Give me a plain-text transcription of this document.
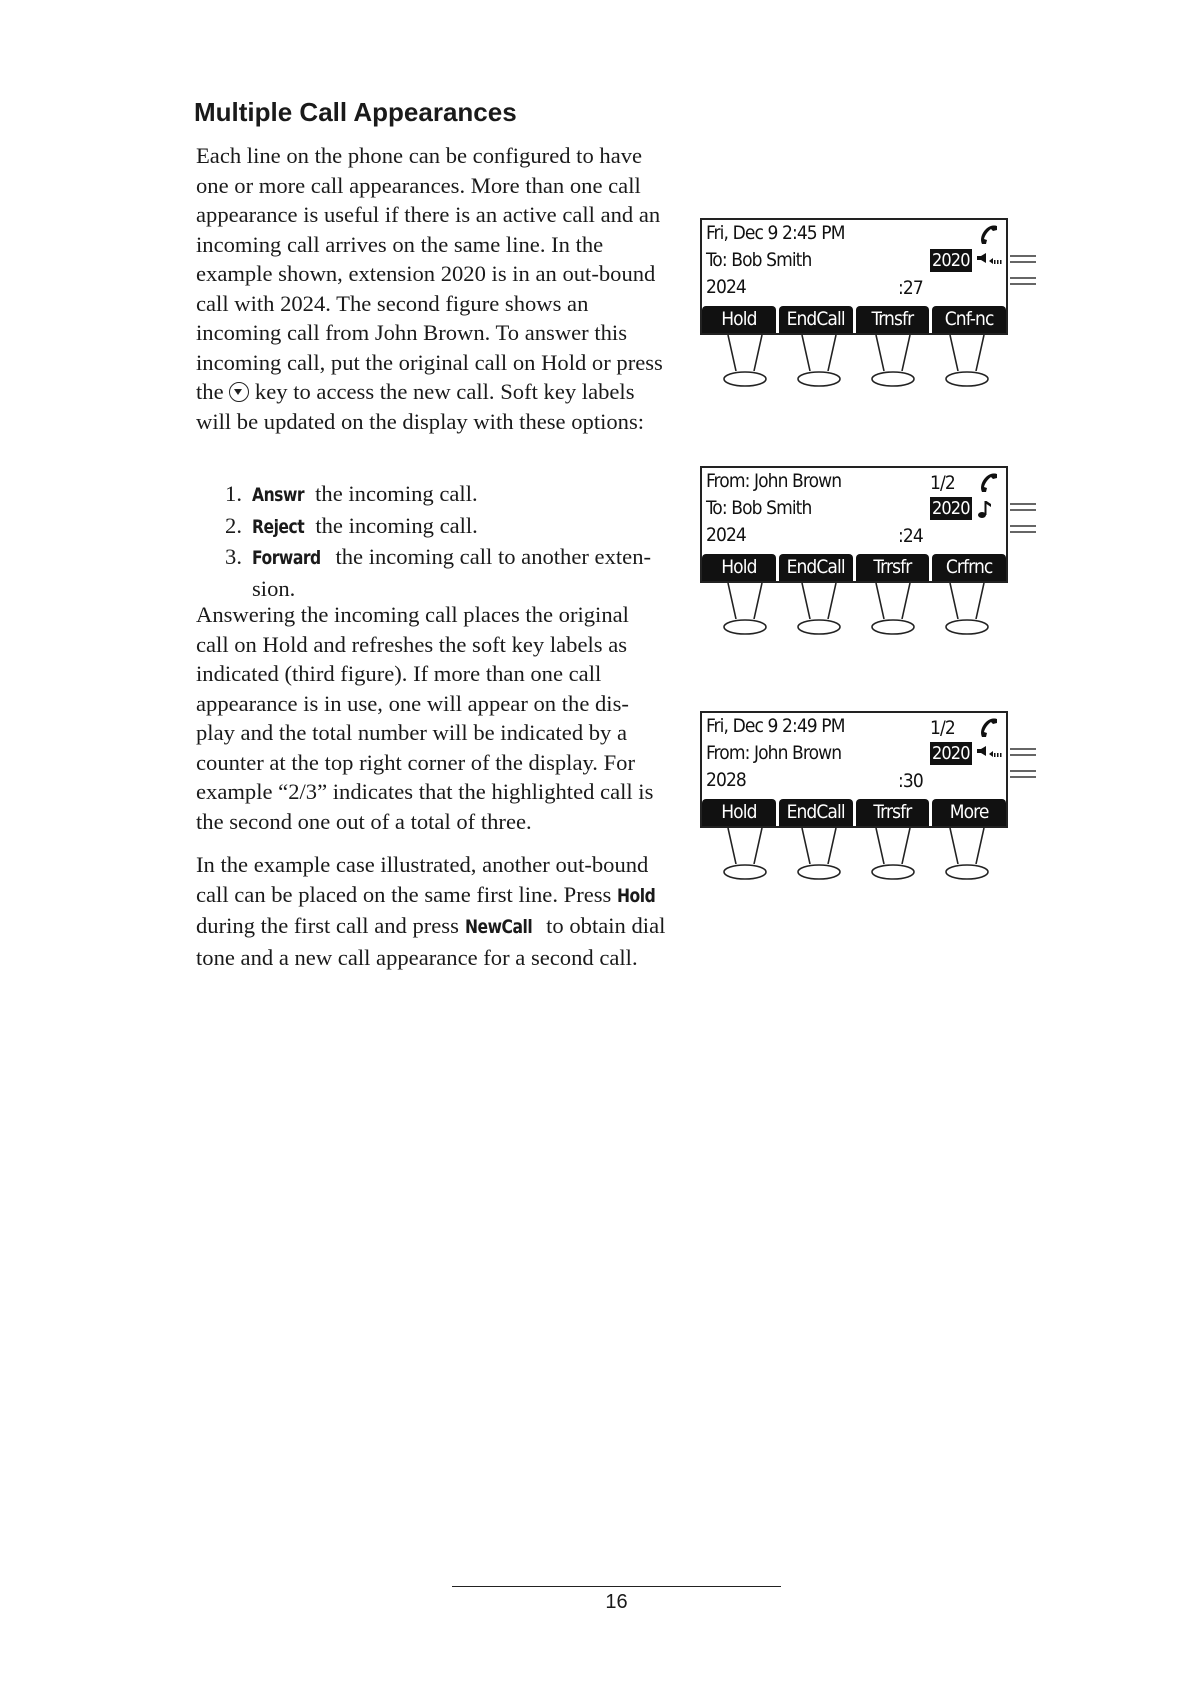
Multiple Call Appearances

Each line on the phone can be configured to have one or more call appearances. More than one call appearance is useful if there is an active call and an incoming call arrives on the same line. In the example shown, extension 2020 is in an out-bound call with 2024. The second figure shows an incoming call from John Brown. To answer this incoming call, put the original call on Hold or press the key to access the new call. Soft key labels will be updated on the display with these options:

1. Answr the incoming call.
2. Reject the incoming call.
3. Forward the incoming call to another exten-sion.

Answering the incoming call places the original call on Hold and refreshes the soft key labels as indicated (third figure). If more than one call appearance is in use, one will appear on the dis-play and the total number will be indicated by a counter at the top right corner of the display. For example “2/3” indicates that the highlighted call is the second one out of a total of three.

In the example case illustrated, another out-bound call can be placed on the same first line. Press Hold during the first call and press NewCall to obtain dial tone and a new call appearance for a second call.

Fri, Dec 9 2:45 PM
To: Bob Smith	2020
2024	:27
Hold	EndCall	Trnsfr	Cnf-nc
From: John Brown	1/2
To: Bob Smith	2020
2024	:24
Hold	EndCall	Trrsfr	Crfrnc
Fri, Dec 9 2:49 PM	1/2
From: John Brown	2020
2028	:30
Hold	EndCall	Trrsfr	More
16
